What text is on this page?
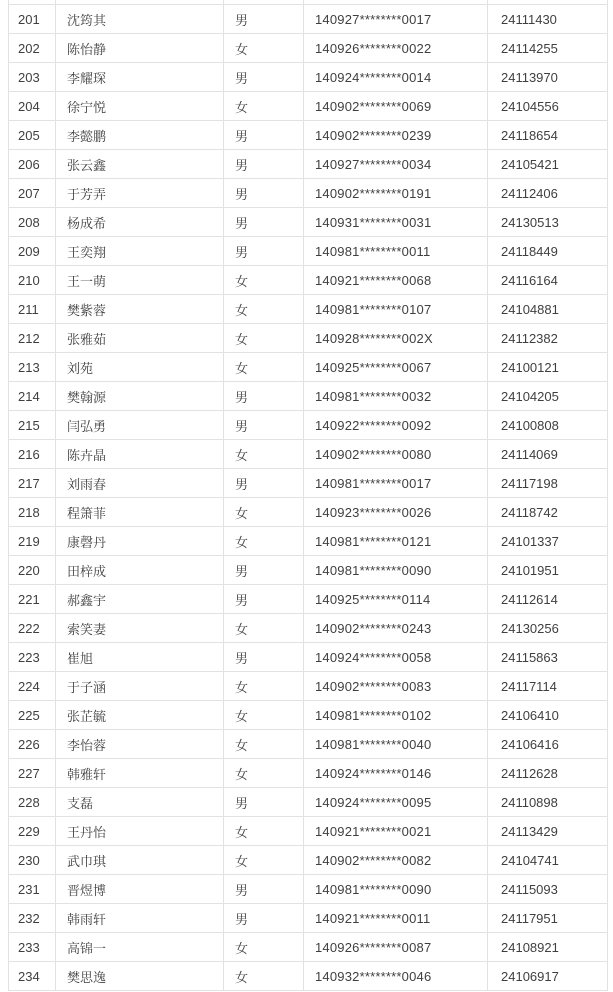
201	沈筠其	男	140927********0017	24111430
202	陈怡静	女	140926********0022	24114255
203	李耀琛	男	140924********0014	24113970
204	徐宁悦	女	140902********0069	24104556
205	李懿鹏	男	140902********0239	24118654
206	张云鑫	男	140927********0034	24105421
207	于芳弄	男	140902********0191	24112406
208	杨成希	男	140931********0031	24130513
209	王奕翔	男	140981********0011	24118449
210	王一萌	女	140921********0068	24116164
211	樊紫蓉	女	140981********0107	24104881
212	张雅茹	女	140928********002X	24112382
213	刘苑	女	140925********0067	24100121
214	樊翰源	男	140981********0032	24104205
215	闫弘勇	男	140922********0092	24100808
216	陈卉晶	女	140902********0080	24114069
217	刘雨春	男	140981********0017	24117198
218	程箫菲	女	140923********0026	24118742
219	康磬丹	女	140981********0121	24101337
220	田梓成	男	140981********0090	24101951
221	郝鑫宇	男	140925********0114	24112614
222	索笑妻	女	140902********0243	24130256
223	崔旭	男	140924********0058	24115863
224	于子涵	女	140902********0083	24117114
225	张芷毓	女	140981********0102	24106410
226	李怡蓉	女	140981********0040	24106416
227	韩雅轩	女	140924********0146	24112628
228	支磊	男	140924********0095	24110898
229	王丹怡	女	140921********0021	24113429
230	武巾琪	女	140902********0082	24104741
231	晋煜博	男	140981********0090	24115093
232	韩雨轩	男	140921********0011	24117951
233	高锦一	女	140926********0087	24108921
234	樊思逸	女	140932********0046	24106917
